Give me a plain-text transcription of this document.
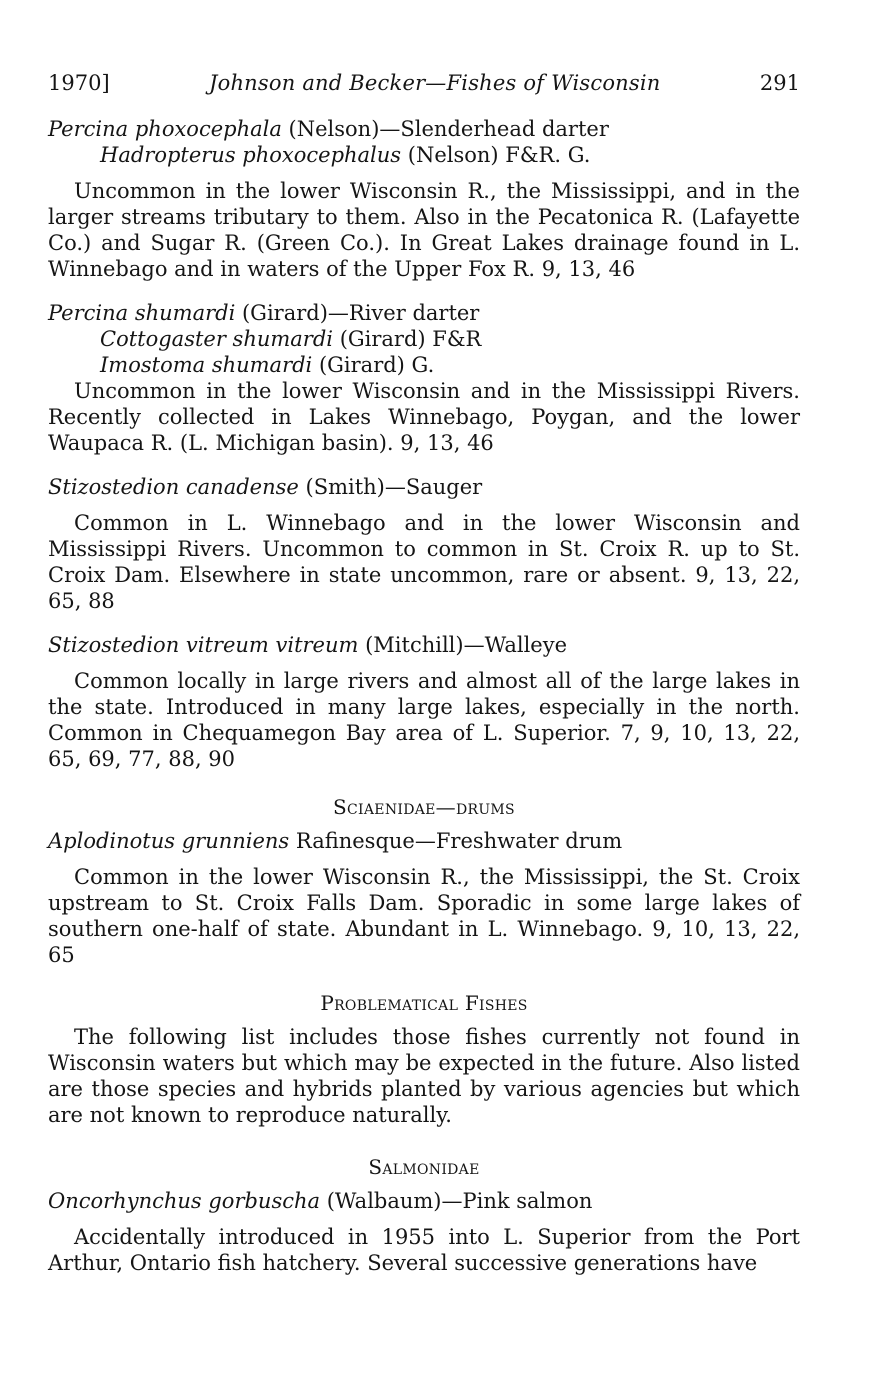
1970]	Johnson and Becker—Fishes of Wisconsin	291
Percina phoxocephala (Nelson)—Slenderhead darter
Hadropterus phoxocephalus (Nelson) F&R. G.

Uncommon in the lower Wisconsin R., the Mississippi, and in the larger streams tributary to them. Also in the Pecatonica R. (Lafayette Co.) and Sugar R. (Green Co.). In Great Lakes drainage found in L. Winnebago and in waters of the Upper Fox R. 9, 13, 46

Percina shumardi (Girard)—River darter
Cottogaster shumardi (Girard) F&R
Imostoma shumardi (Girard) G.

Uncommon in the lower Wisconsin and in the Mississippi Rivers. Recently collected in Lakes Winnebago, Poygan, and the lower Waupaca R. (L. Michigan basin). 9, 13, 46

Stizostedion canadense (Smith)—Sauger

Common in L. Winnebago and in the lower Wisconsin and Mississippi Rivers. Uncommon to common in St. Croix R. up to St. Croix Dam. Elsewhere in state uncommon, rare or absent. 9, 13, 22, 65, 88

Stizostedion vitreum vitreum (Mitchill)—Walleye

Common locally in large rivers and almost all of the large lakes in the state. Introduced in many large lakes, especially in the north. Common in Chequamegon Bay area of L. Superior. 7, 9, 10, 13, 22, 65, 69, 77, 88, 90

Sciaenidae—drums
Aplodinotus grunniens Rafinesque—Freshwater drum

Common in the lower Wisconsin R., the Mississippi, the St. Croix upstream to St. Croix Falls Dam. Sporadic in some large lakes of southern one-half of state. Abundant in L. Winnebago. 9, 10, 13, 22, 65

Problematical Fishes

The following list includes those fishes currently not found in Wisconsin waters but which may be expected in the future. Also listed are those species and hybrids planted by various agencies but which are not known to reproduce naturally.

Salmonidae
Oncorhynchus gorbuscha (Walbaum)—Pink salmon

Accidentally introduced in 1955 into L. Superior from the Port Arthur, Ontario fish hatchery. Several successive generations have
